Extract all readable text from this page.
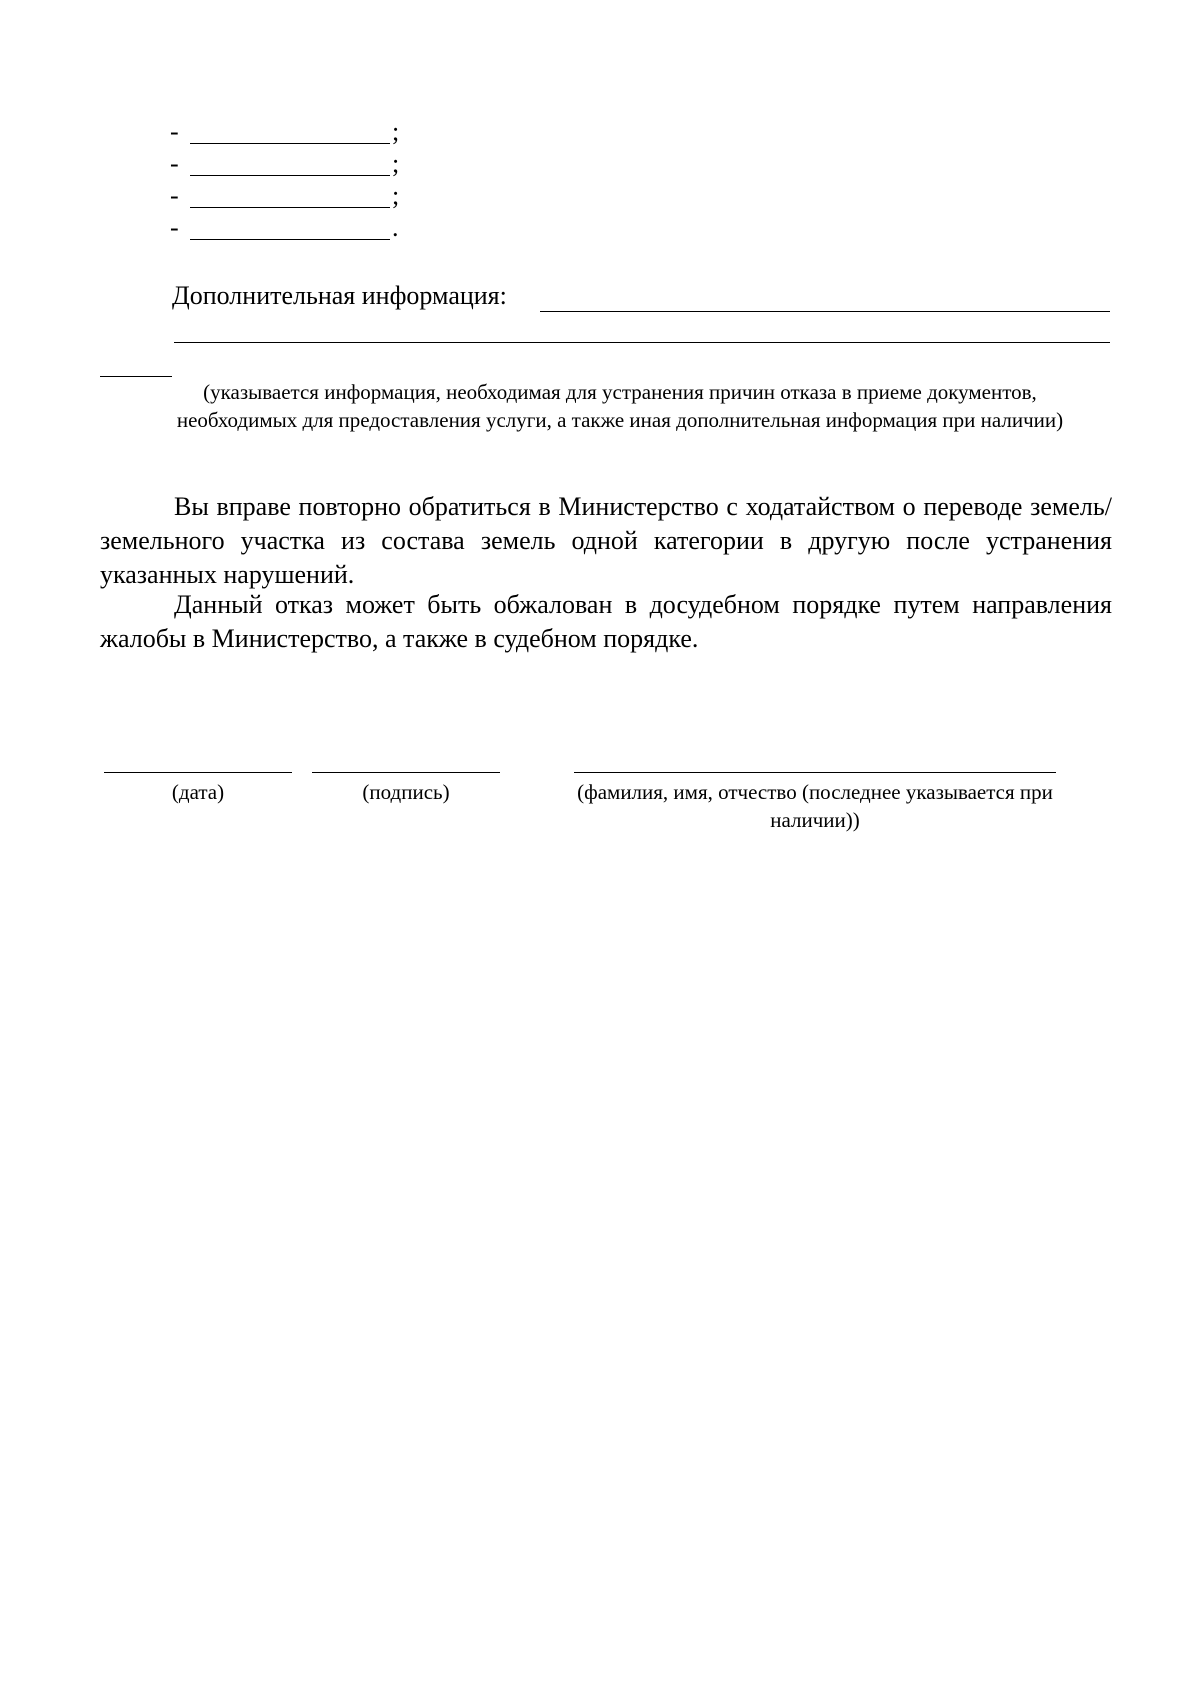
-	;
-	;
-	;
-	.
Дополнительная информация:
(указывается информация, необходимая для устранения причин отказа в приеме документов, необходимых для предоставления услуги, а также иная дополнительная информация при наличии)
Вы вправе повторно обратиться в Министерство с ходатайством о переводе земель/земельного участка из состава земель одной категории в другую после устранения указанных нарушений.
Данный отказ может быть обжалован в досудебном порядке путем направления жалобы в Министерство, а также в судебном порядке.
(дата)	(подпись)	(фамилия, имя, отчество (последнее указывается при наличии))
